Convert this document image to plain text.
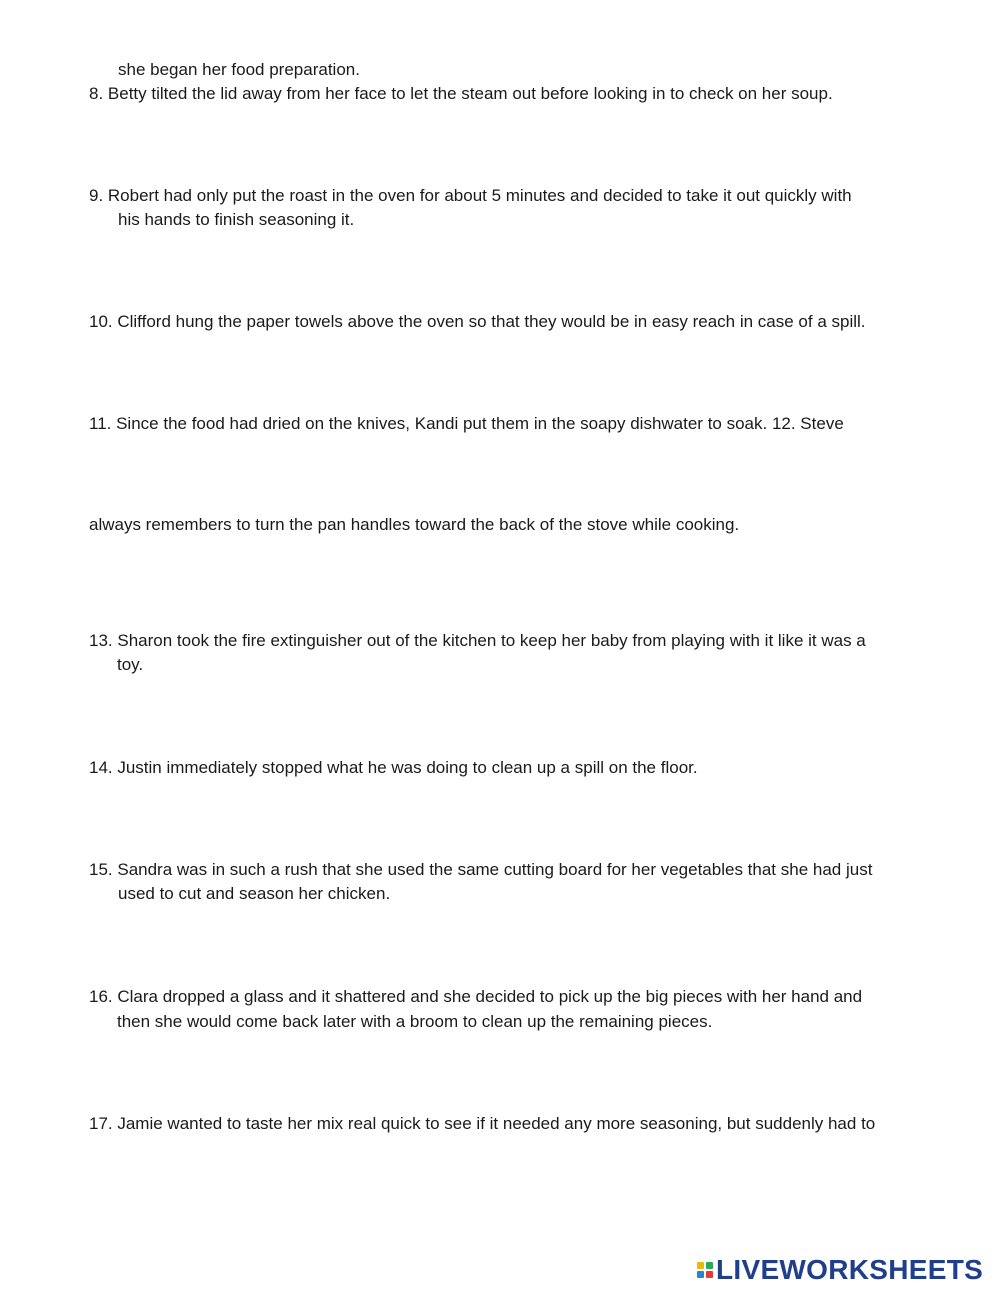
she began her food preparation.
8. Betty tilted the lid away from her face to let the steam out before looking in to check on her soup.
9. Robert had only put the roast in the oven for about 5 minutes and decided to take it out quickly with
his hands to finish seasoning it.
10. Clifford hung the paper towels above the oven so that they would be in easy reach in case of a spill.
11. Since the food had dried on the knives, Kandi put them in the soapy dishwater to soak. 12. Steve
always remembers to turn the pan handles toward the back of the stove while cooking.
13. Sharon took the fire extinguisher out of the kitchen to keep her baby from playing with it like it was a
toy.
14. Justin immediately stopped what he was doing to clean up a spill on the floor.
15. Sandra was in such a rush that she used the same cutting board for her vegetables that she had just
used to cut and season her chicken.
16. Clara dropped a glass and it shattered and she decided to pick up the big pieces with her hand and
then she would come back later with a broom to clean up the remaining pieces.
17. Jamie wanted to taste her mix real quick to see if it needed any more seasoning, but suddenly had to
LIVEWORKSHEETS
